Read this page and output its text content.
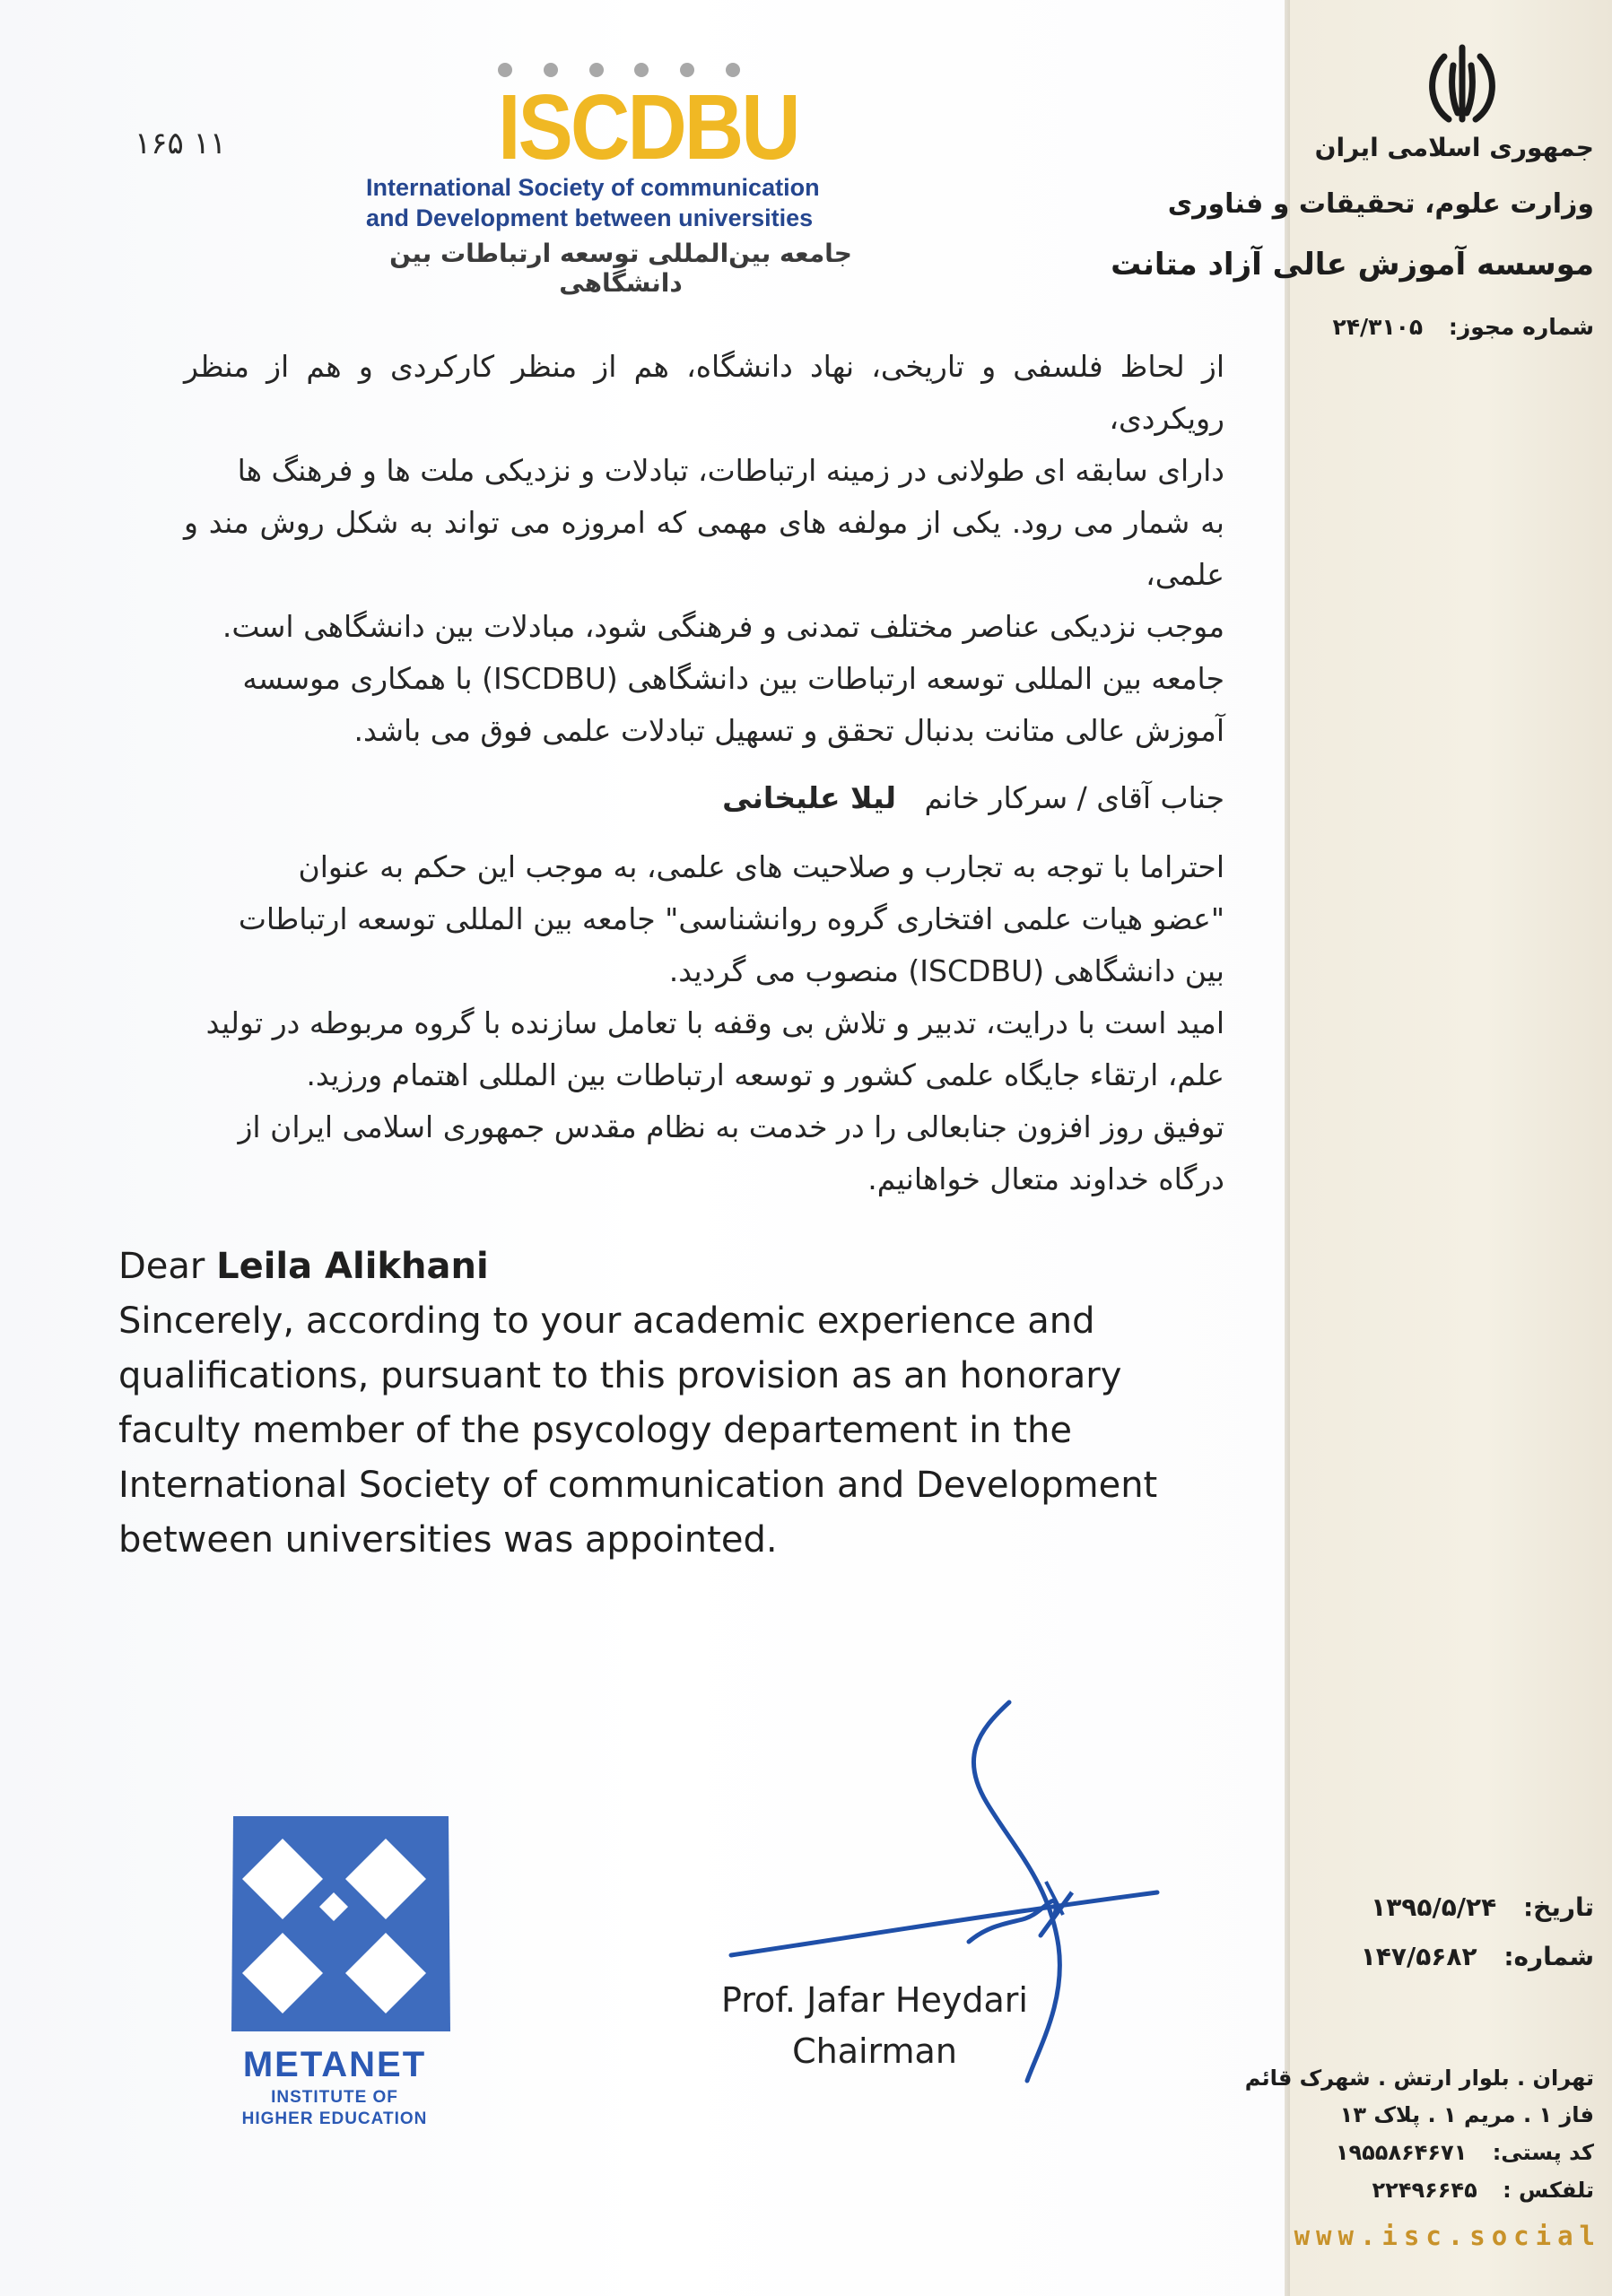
۱۶۵ ۱۱	ISCDBU
International Society of communication
and Development between universities
جامعه بین‌المللی توسعه ارتباطات بین دانشگاهی

از لحاظ فلسفی و تاریخی، نهاد دانشگاه، هم از منظر کارکردی و هم از منظر رویکردی،

دارای سابقه ای طولانی در زمینه ارتباطات، تبادلات و نزدیکی ملت ها و فرهنگ ها

به شمار می رود. یکی از مولفه های مهمی که امروزه می تواند به شکل روش مند و علمی،

موجب نزدیکی عناصر مختلف تمدنی و فرهنگی شود، مبادلات بین دانشگاهی است.

جامعه بین المللی توسعه ارتباطات بین دانشگاهی (ISCDBU) با همکاری موسسه

آموزش عالی متانت بدنبال تحقق و تسهیل تبادلات علمی فوق می باشد.

جناب آقای / سرکار خانم   لیلا علیخانی

احتراما با توجه به تجارب و صلاحیت های علمی، به موجب این حکم به عنوان

"عضو هیات علمی افتخاری گروه روانشناسی" جامعه بین المللی توسعه ارتباطات

بین دانشگاهی (ISCDBU) منصوب می گردید.

امید است با درایت، تدبیر و تلاش بی وقفه با تعامل سازنده با گروه مربوطه در تولید

علم، ارتقاء جایگاه علمی کشور و توسعه ارتباطات بین المللی اهتمام ورزید.

توفیق روز افزون جنابعالی را در خدمت به نظام مقدس جمهوری اسلامی ایران از

درگاه خداوند متعال خواهانیم.

Dear Leila Alikhani

Sincerely, according to your academic experience and

qualifications, pursuant to this provision as an honorary

faculty member of the psycology departement in the

International Society of communication and Development

between universities was appointed.

METANET
INSTITUTE OF
HIGHER EDUCATION
Prof. Jafar Heydari
Chairman
جمهوری اسلامی ایران
وزارت علوم، تحقیقات و فناوری
موسسه آموزش عالی آزاد متانت
شماره مجوز: ۲۴/۳۱۰۵
تاریخ: ۱۳۹۵/۵/۲۴
شماره: ۱۴۷/۵۶۸۲
تهران . بلوار ارتش . شهرک قائم
فاز ۱ . مریم ۱ . پلاک ۱۳
کد پستی: ۱۹۵۵۸۶۴۶۷۱
تلفکس : ۲۲۴۹۶۶۴۵
www.isc.social
